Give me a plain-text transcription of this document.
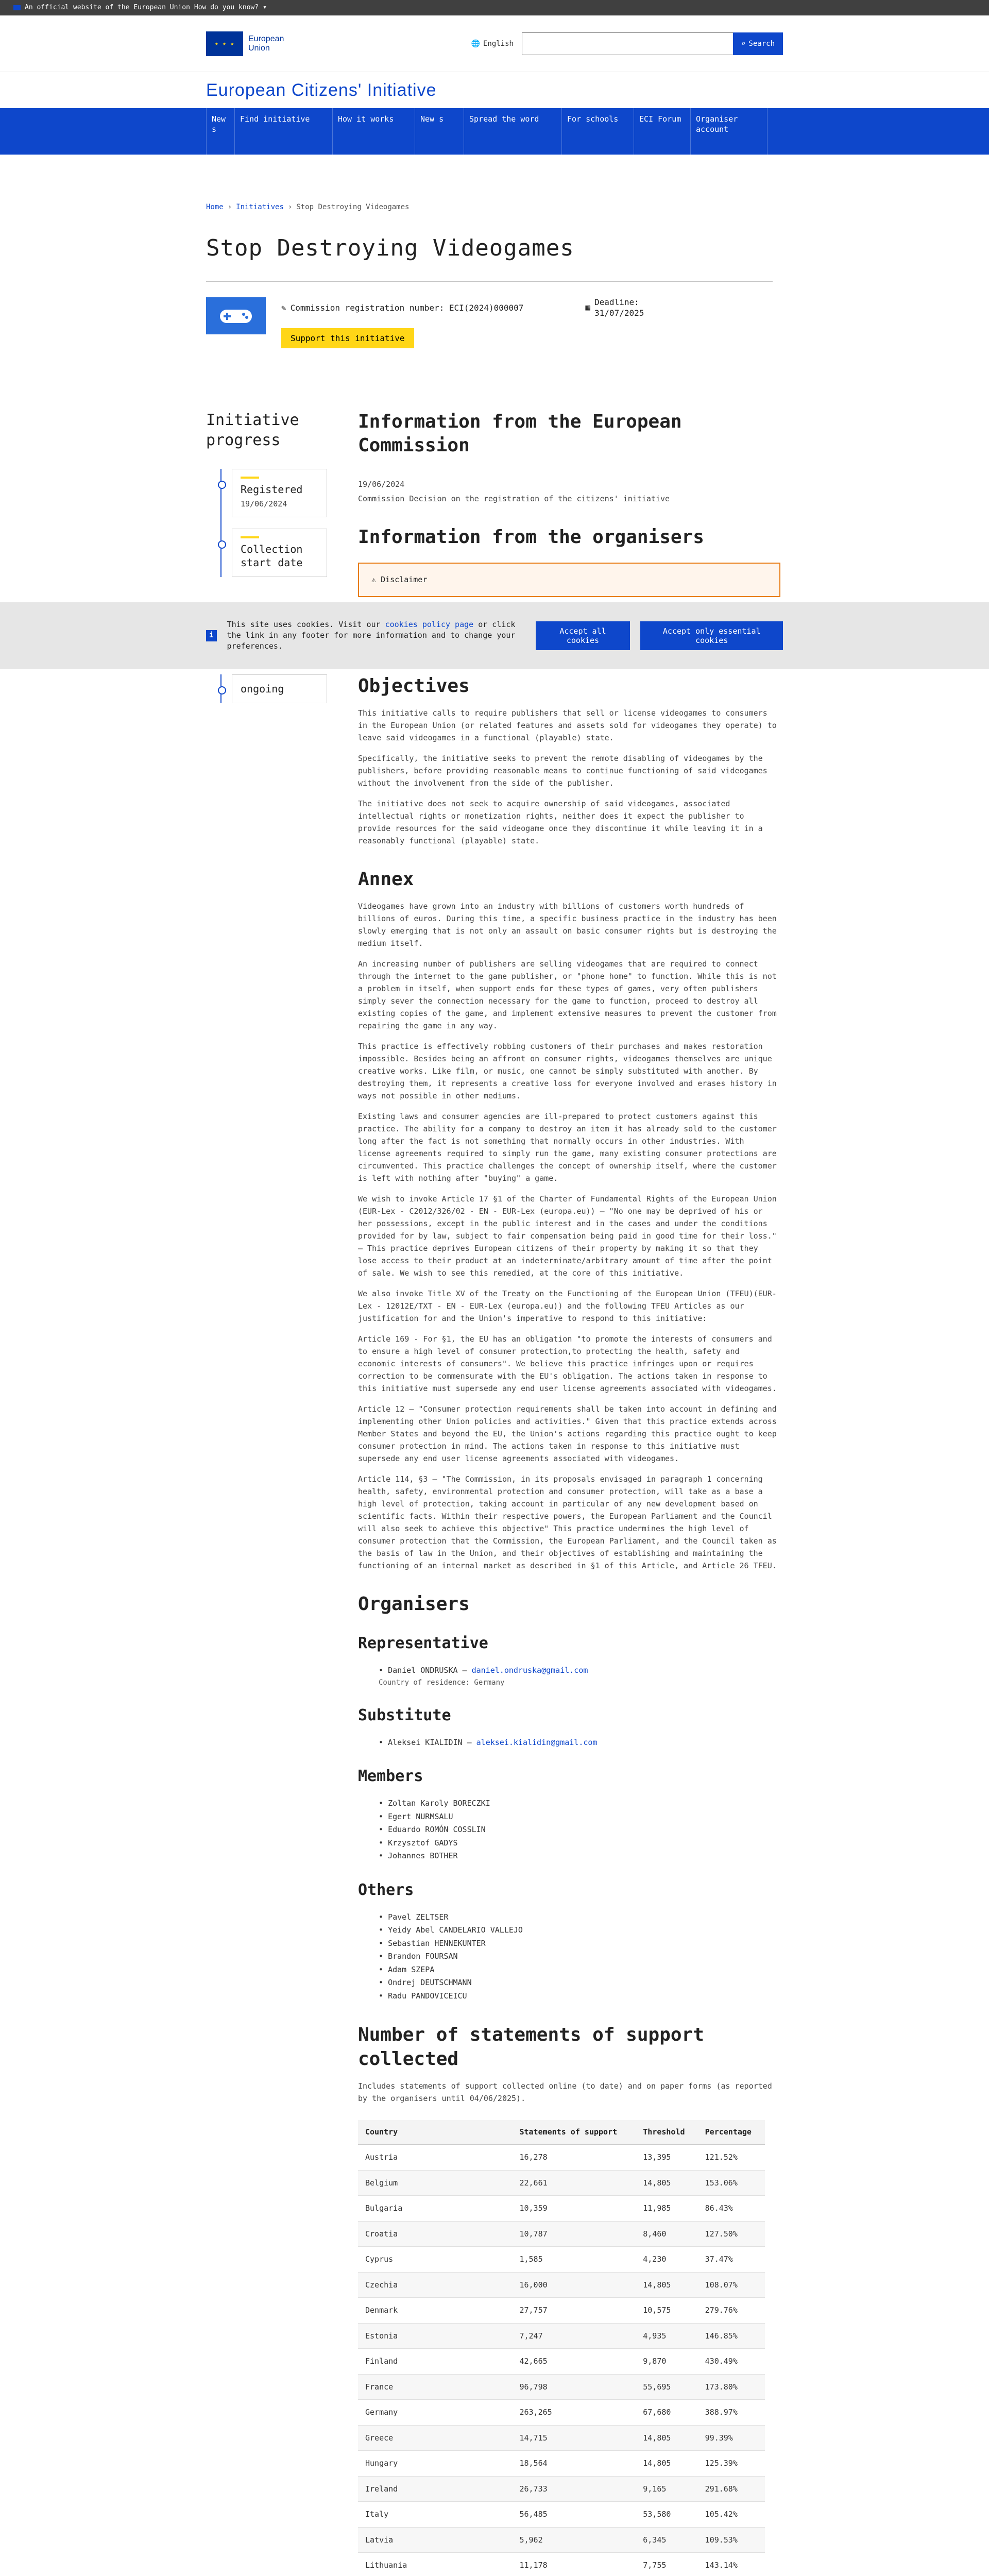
An official website of the European Union How do you know? ▾
★ ★ ★	European
Union
🌐 English	⌕ Search
European Citizens' Initiative
New s
Find initiative	How it works	New s	Spread the word	For schools	ECI Forum	Organiser account
Home › Initiatives › Stop Destroying Videogames
Stop Destroying Videogames
✎ Commission registration number: ECI(2024)000007	▦
Deadline:
31/07/2025
Support this initiative
Initiative progress
Registered
19/06/2024
Collection start date
Information from the European Commission
19/06/2024
Commission Decision on the registration of the citizens' initiative
Information from the organisers
⚠ Disclaimer
i
This site uses cookies. Visit our cookies policy page or click the link in any footer for more information and to change your preferences.
Accept all cookies
Accept only essential cookies
ongoing	Objectives

This initiative calls to require publishers that sell or license videogames to consumers in the European Union (or related features and assets sold for videogames they operate) to leave said videogames in a functional (playable) state.

Specifically, the initiative seeks to prevent the remote disabling of videogames by the publishers, before providing reasonable means to continue functioning of said videogames without the involvement from the side of the publisher.

The initiative does not seek to acquire ownership of said videogames, associated intellectual rights or monetization rights, neither does it expect the publisher to provide resources for the said videogame once they discontinue it while leaving it in a reasonably functional (playable) state.

Annex

Videogames have grown into an industry with billions of customers worth hundreds of billions of euros. During this time, a specific business practice in the industry has been slowly emerging that is not only an assault on basic consumer rights but is destroying the medium itself.

An increasing number of publishers are selling videogames that are required to connect through the internet to the game publisher, or "phone home" to function. While this is not a problem in itself, when support ends for these types of games, very often publishers simply sever the connection necessary for the game to function, proceed to destroy all existing copies of the game, and implement extensive measures to prevent the customer from repairing the game in any way.

This practice is effectively robbing customers of their purchases and makes restoration impossible. Besides being an affront on consumer rights, videogames themselves are unique creative works. Like film, or music, one cannot be simply substituted with another. By destroying them, it represents a creative loss for everyone involved and erases history in ways not possible in other mediums.

Existing laws and consumer agencies are ill-prepared to protect customers against this practice. The ability for a company to destroy an item it has already sold to the customer long after the fact is not something that normally occurs in other industries. With license agreements required to simply run the game, many existing consumer protections are circumvented. This practice challenges the concept of ownership itself, where the customer is left with nothing after "buying" a game.

We wish to invoke Article 17 §1 of the Charter of Fundamental Rights of the European Union (EUR-Lex - C2012/326/02 - EN - EUR-Lex (europa.eu)) – "No one may be deprived of his or her possessions, except in the public interest and in the cases and under the conditions provided for by law, subject to fair compensation being paid in good time for their loss." – This practice deprives European citizens of their property by making it so that they lose access to their product at an indeterminate/arbitrary amount of time after the point of sale. We wish to see this remedied, at the core of this initiative.

We also invoke Title XV of the Treaty on the Functioning of the European Union (TFEU)(EUR-Lex - 12012E/TXT - EN - EUR-Lex (europa.eu)) and the following TFEU Articles as our justification for and the Union's imperative to respond to this initiative:

Article 169 - For §1, the EU has an obligation "to promote the interests of consumers and to ensure a high level of consumer protection,to protecting the health, safety and economic interests of consumers". We believe this practice infringes upon or requires correction to be commensurate with the EU's obligation. The actions taken in response to this initiative must supersede any end user license agreements associated with videogames.

Article 12 – "Consumer protection requirements shall be taken into account in defining and implementing other Union policies and activities." Given that this practice extends across Member States and beyond the EU, the Union's actions regarding this practice ought to keep consumer protection in mind. The actions taken in response to this initiative must supersede any end user license agreements associated with videogames.

Article 114, §3 – "The Commission, in its proposals envisaged in paragraph 1 concerning health, safety, environmental protection and consumer protection, will take as a base a high level of protection, taking account in particular of any new development based on scientific facts. Within their respective powers, the European Parliament and the Council will also seek to achieve this objective" This practice undermines the high level of consumer protection that the Commission, the European Parliament, and the Council taken as the basis of law in the Union, and their objectives of establishing and maintaining the functioning of an internal market as described in §1 of this Article, and Article 26 TFEU.

Organisers
Representative
• Daniel ONDRUSKA – daniel.ondruska@gmail.com
Country of residence: Germany
Substitute
• Aleksei KIALIDIN – aleksei.kialidin@gmail.com
Members
• Zoltan Karoly BORECZKI
• Egert NURMSALU
• Eduardo ROMÓN COSSLIN
• Krzysztof GADYS
• Johannes BOTHER
Others
• Pavel ZELTSER
• Yeidy Abel CANDELARIO VALLEJO
• Sebastian HENNEKUNTER
• Brandon FOURSAN
• Adam SZEPA
• Ondrej DEUTSCHMANN
• Radu PANDOVICEICU
Number of statements of support collected

Includes statements of support collected online (to date) and on paper forms (as reported by the organisers until 04/06/2025).

Country	Statements of support	Threshold	Percentage
Austria	16,278	13,395	121.52%
Belgium	22,661	14,805	153.06%
Bulgaria	10,359	11,985	86.43%
Croatia	10,787	8,460	127.50%
Cyprus	1,585	4,230	37.47%
Czechia	16,000	14,805	108.07%
Denmark	27,757	10,575	279.76%
Estonia	7,247	4,935	146.85%
Finland	42,665	9,870	430.49%
France	96,798	55,695	173.80%
Germany	263,265	67,680	388.97%
Greece	14,715	14,805	99.39%
Hungary	18,564	14,805	125.39%
Ireland	26,733	9,165	291.68%
Italy	56,485	53,580	105.42%
Latvia	5,962	6,345	109.53%
Lithuania	11,178	7,755	143.14%
